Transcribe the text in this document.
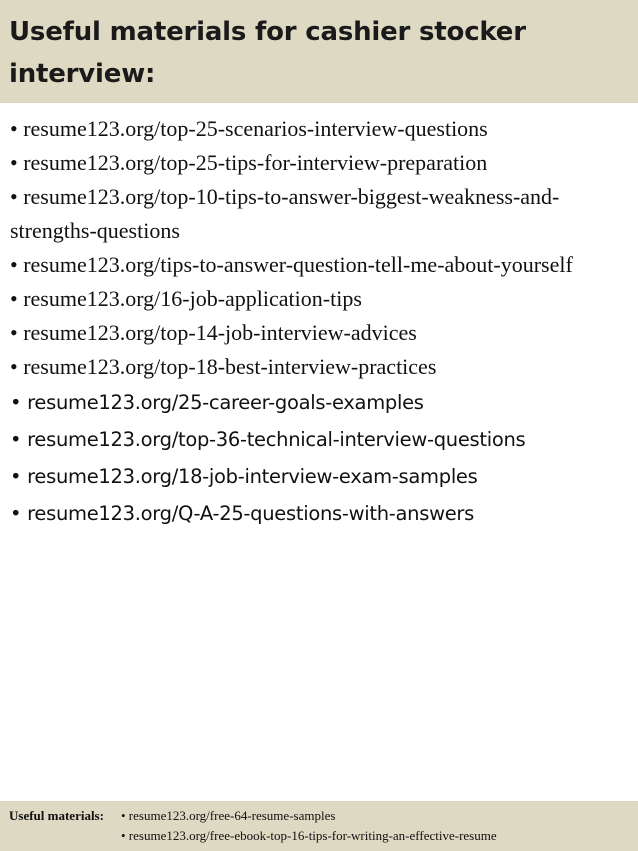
Useful materials for cashier stocker interview:
• resume123.org/top-25-scenarios-interview-questions
• resume123.org/top-25-tips-for-interview-preparation
• resume123.org/top-10-tips-to-answer-biggest-weakness-and-strengths-questions
• resume123.org/tips-to-answer-question-tell-me-about-yourself
• resume123.org/16-job-application-tips
• resume123.org/top-14-job-interview-advices
• resume123.org/top-18-best-interview-practices
• resume123.org/25-career-goals-examples
• resume123.org/top-36-technical-interview-questions
• resume123.org/18-job-interview-exam-samples
• resume123.org/Q-A-25-questions-with-answers
Useful materials: • resume123.org/free-64-resume-samples
• resume123.org/free-ebook-top-16-tips-for-writing-an-effective-resume
